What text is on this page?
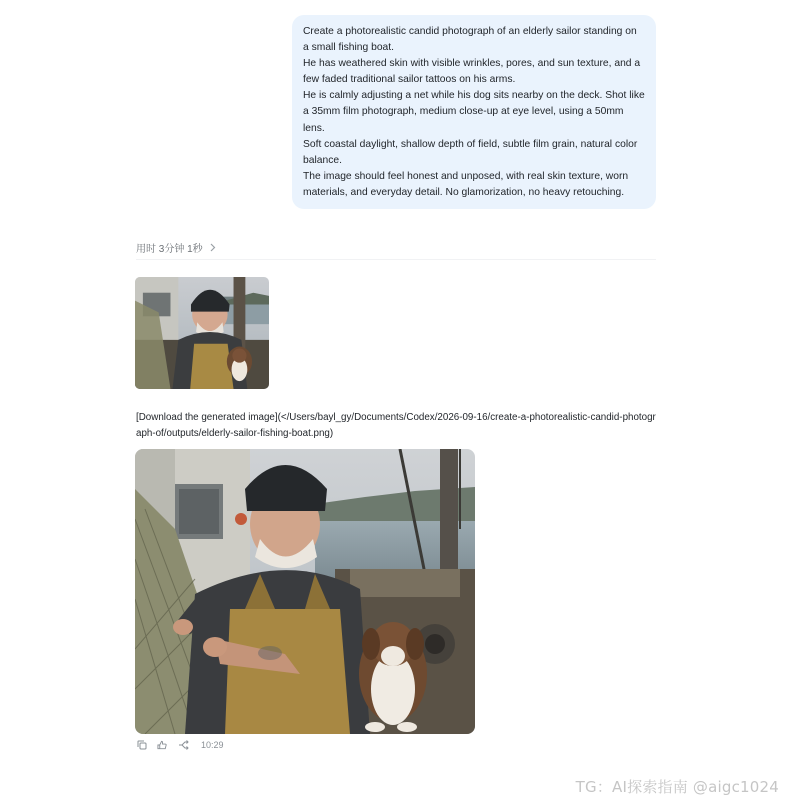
Create a photorealistic candid photograph of an elderly sailor standing on a small fishing boat.

He has weathered skin with visible wrinkles, pores, and sun texture, and a few faded traditional sailor tattoos on his arms.

He is calmly adjusting a net while his dog sits nearby on the deck. Shot like a 35mm film photograph, medium close-up at eye level, using a 50mm lens.

Soft coastal daylight, shallow depth of field, subtle film grain, natural color balance.

The image should feel honest and unposed, with real skin texture, worn materials, and everyday detail. No glamorization, no heavy retouching.

用时 3分钟 1秒
[Download the generated image](</Users/bayl_gy/Documents/Codex/2026-09-16/create-a-photorealistic-candid-photograph-of/outputs/elderly-sailor-fishing-boat.png)
10:29
TG：AI探索指南 @aigc1024
